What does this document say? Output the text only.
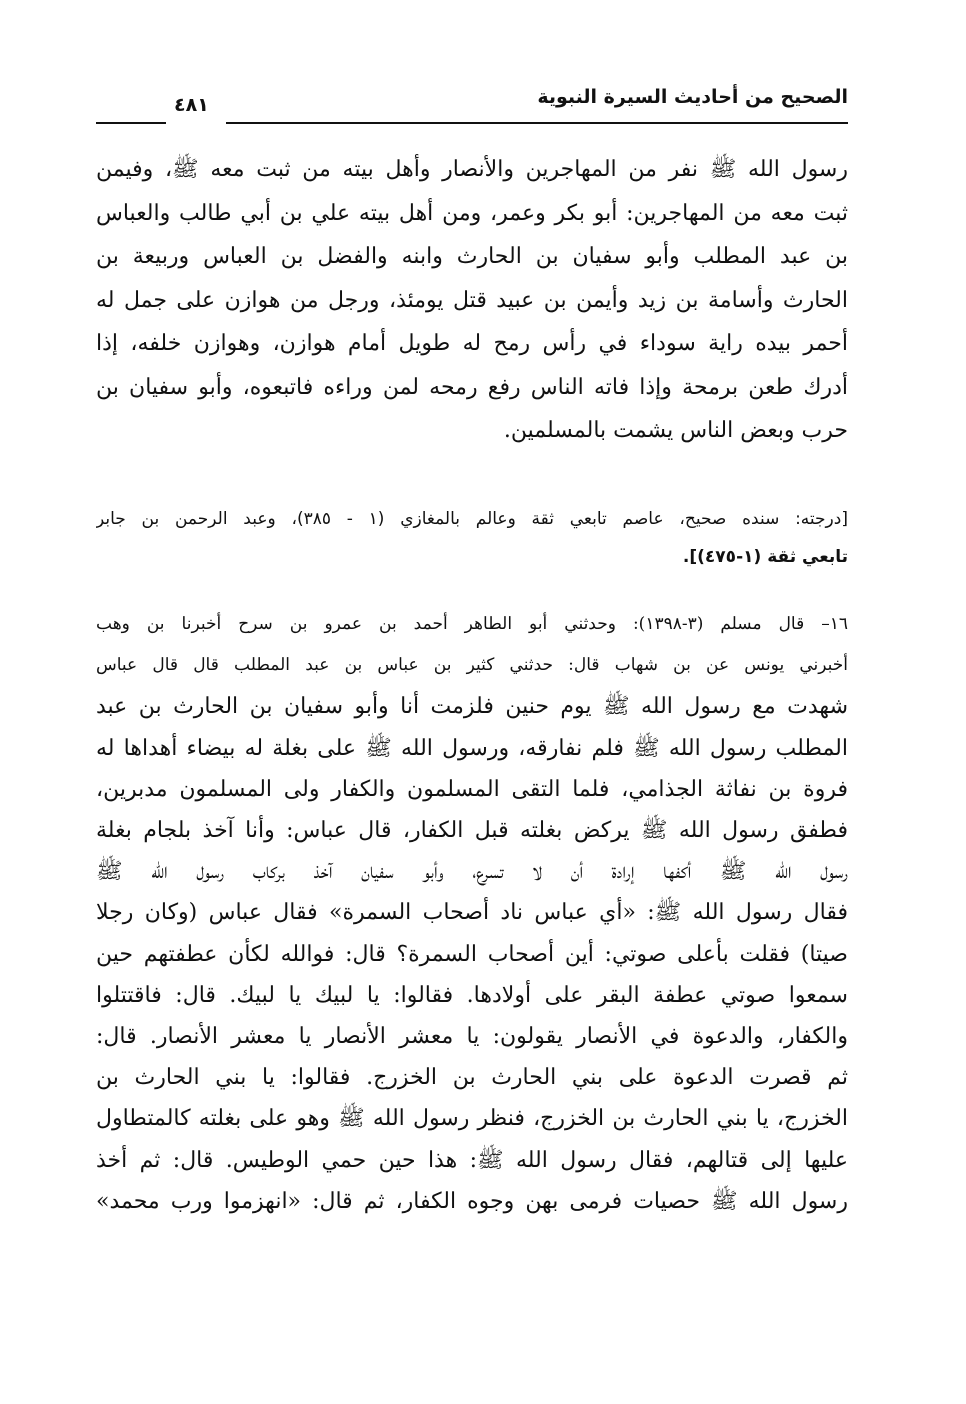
الصحيح من أحاديث السيرة النبوية
٤٨١
رسول الله ﷺ نفر من المهاجرين والأنصار وأهل بيته من ثبت معه ﷺ، وفيمن
ثبت معه من المهاجرين: أبو بكر وعمر، ومن أهل بيته علي بن أبي طالب والعباس
بن عبد المطلب وأبو سفيان بن الحارث وابنه والفضل بن العباس وربيعة بن
الحارث وأسامة بن زيد وأيمن بن عبيد قتل يومئذ، ورجل من هوازن على جمل له
أحمر بيده راية سوداء في رأس رمح له طويل أمام هوازن، وهوازن خلفه، إذا
أدرك طعن برمحة وإذا فاته الناس رفع رمحه لمن وراءه فاتبعوه، وأبو سفيان بن
حرب وبعض الناس يشمت بالمسلمين.
[درجته: سنده صحيح، عاصم تابعي ثقة وعالم بالمغازي (١ - ٣٨٥)، وعبد الرحمن بن جابر
تابعي ثقة (١-٤٧٥)].
١٦– قال مسلم (٣-١٣٩٨): وحدثني أبو الطاهر أحمد بن عمرو بن سرح أخبرنا بن وهب
أخبرني يونس عن بن شهاب قال: حدثني كثير بن عباس بن عبد المطلب قال قال عباس
شهدت مع رسول الله ﷺ يوم حنين فلزمت أنا وأبو سفيان بن الحارث بن عبد
المطلب رسول الله ﷺ فلم نفارقه، ورسول الله ﷺ على بغلة له بيضاء أهداها له
فروة بن نفاثة الجذامي، فلما التقى المسلمون والكفار ولى المسلمون مدبرين،
فطفق رسول الله ﷺ يركض بغلته قبل الكفار، قال عباس: وأنا آخذ بلجام بغلة
رسول الله ﷺ أكفها إرادة أن لا تسرع، وأبو سفيان آخذ بركاب رسول الله ﷺ
فقال رسول الله ﷺ: «أي عباس ناد أصحاب السمرة» فقال عباس (وكان رجلا
صيتا) فقلت بأعلى صوتي: أين أصحاب السمرة؟ قال: فوالله لكأن عطفتهم حين
سمعوا صوتي عطفة البقر على أولادها. فقالوا: يا لبيك يا لبيك. قال: فاقتتلوا
والكفار، والدعوة في الأنصار يقولون: يا معشر الأنصار يا معشر الأنصار. قال:
ثم قصرت الدعوة على بني الحارث بن الخزرج. فقالوا: يا بني الحارث بن
الخزرج، يا بني الحارث بن الخزرج، فنظر رسول الله ﷺ وهو على بغلته كالمتطاول
عليها إلى قتالهم، فقال رسول الله ﷺ: هذا حين حمي الوطيس. قال: ثم أخذ
رسول الله ﷺ حصيات فرمى بهن وجوه الكفار، ثم قال: «انهزموا ورب محمد»
